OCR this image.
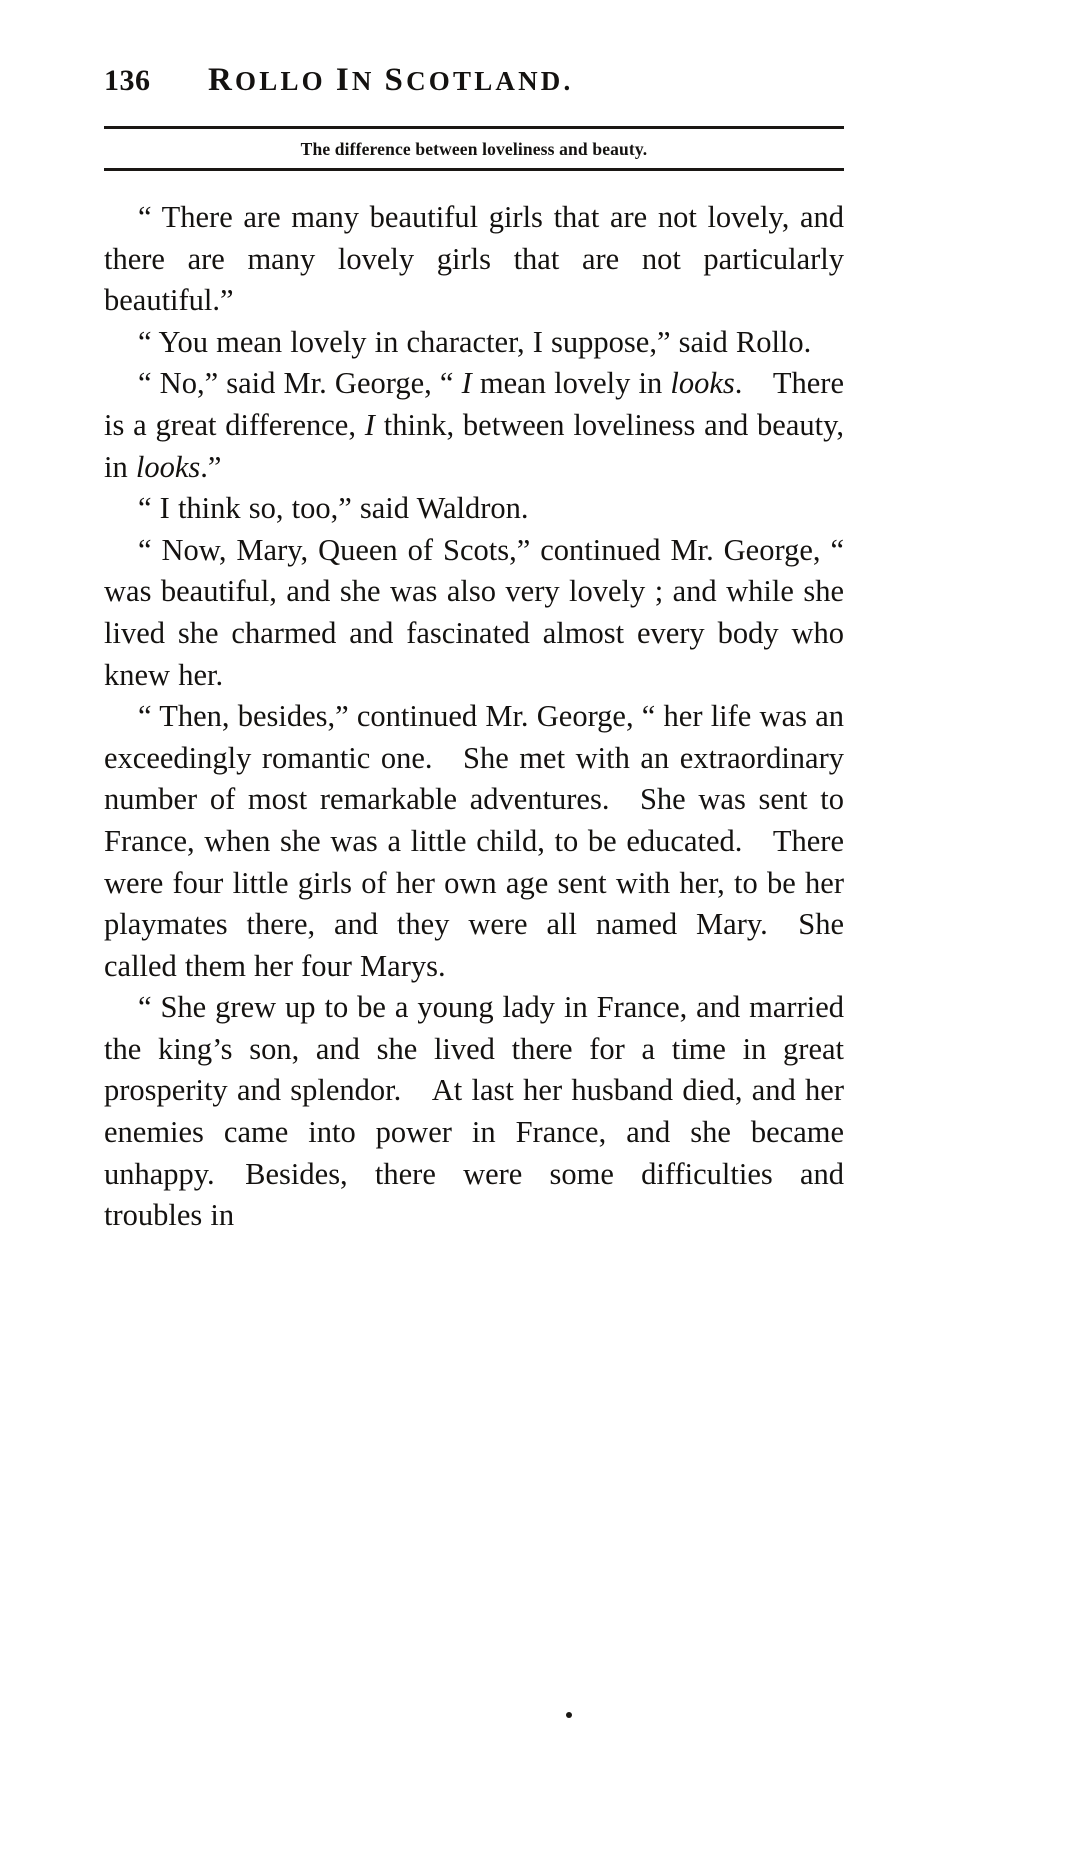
136	ROLLO IN SCOTLAND.
The difference between loveliness and beauty.

“ There are many beautiful girls that are not lovely, and there are many lovely girls that are not particularly beautiful.”

“ You mean lovely in character, I suppose,” said Rollo.

“ No,” said Mr. George, “ I mean lovely in looks. There is a great difference, I think, between loveliness and beauty, in looks.”

“ I think so, too,” said Waldron.

“ Now, Mary, Queen of Scots,” continued Mr. George, “ was beautiful, and she was also very lovely ; and while she lived she charmed and fascinated almost every body who knew her.

“ Then, besides,” continued Mr. George, “ her life was an exceedingly romantic one. She met with an extraordinary number of most remarkable adventures. She was sent to France, when she was a little child, to be educated. There were four little girls of her own age sent with her, to be her playmates there, and they were all named Mary. She called them her four Marys.

“ She grew up to be a young lady in France, and married the king’s son, and she lived there for a time in great prosperity and splendor. At last her husband died, and her enemies came into power in France, and she became unhappy. Besides, there were some difficulties and troubles in
